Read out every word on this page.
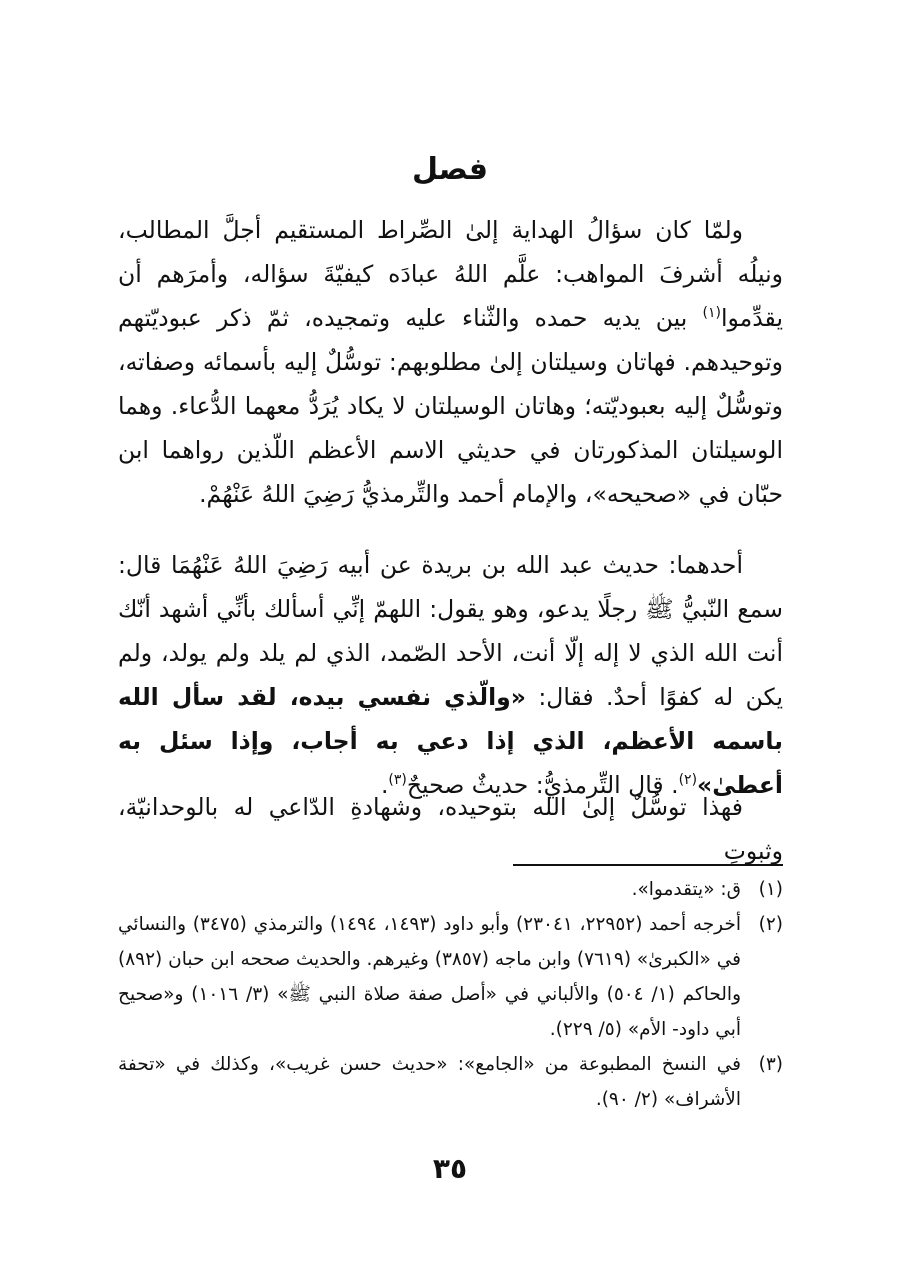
فصل

ولمّا كان سؤالُ الهداية إلىٰ الصِّراط المستقيم أجلَّ المطالب، ونيلُه أشرفَ المواهب: علَّم اللهُ عبادَه كيفيّةَ سؤاله، وأمرَهم أن يقدِّموا$^{(١)}$ بين يديه حمده والثّناء عليه وتمجيده، ثمّ ذكر عبوديّتهم وتوحيدهم. فهاتان وسيلتان إلىٰ مطلوبهم: توسُّلٌ إليه بأسمائه وصفاته، وتوسُّلٌ إليه بعبوديّته؛ وهاتان الوسيلتان لا يكاد يُرَدُّ معهما الدُّعاء. وهما الوسيلتان المذكورتان في حديثي الاسم الأعظم اللّذين رواهما ابن حبّان في «صحيحه»، والإمام أحمد والتِّرمذيُّ رَضِيَ اللهُ عَنْهُمْ.

أحدهما: حديث عبد الله بن بريدة عن أبيه رَضِيَ اللهُ عَنْهُمَا قال: سمع النّبيُّ ﷺ رجلًا يدعو، وهو يقول: اللهمّ إنِّي أسألك بأنِّي أشهد أنّك أنت الله الذي لا إله إلّا أنت، الأحد الصّمد، الذي لم يلد ولم يولد، ولم يكن له كفوًا أحدٌ. فقال: «والّذي نفسي بيده، لقد سأل الله باسمه الأعظم، الذي إذا دعي به أجاب، وإذا سئل به أعطىٰ»$^{(٢)}$. قال التِّرمذيُّ: حديثٌ صحيحٌ$^{(٣)}$.

فهذا توسُّلٌ إلىٰ الله بتوحيده، وشهادةِ الدّاعي له بالوحدانيّة، وثبوتِ

(١)
ق: «يتقدموا».
(٢)
أخرجه أحمد (٢٢٩٥٢، ٢٣٠٤١) وأبو داود (١٤٩٣، ١٤٩٤) والترمذي (٣٤٧٥) والنسائي في «الكبرىٰ» (٧٦١٩) وابن ماجه (٣٨٥٧) وغيرهم. والحديث صححه ابن حبان (٨٩٢) والحاكم (١/ ٥٠٤) والألباني في «أصل صفة صلاة النبي ﷺ» (٣/ ١٠١٦) و«صحيح أبي داود- الأم» (٥/ ٢٢٩).
(٣)
في النسخ المطبوعة من «الجامع»: «حديث حسن غريب»، وكذلك في «تحفة الأشراف» (٢/ ٩٠).
٣٥
